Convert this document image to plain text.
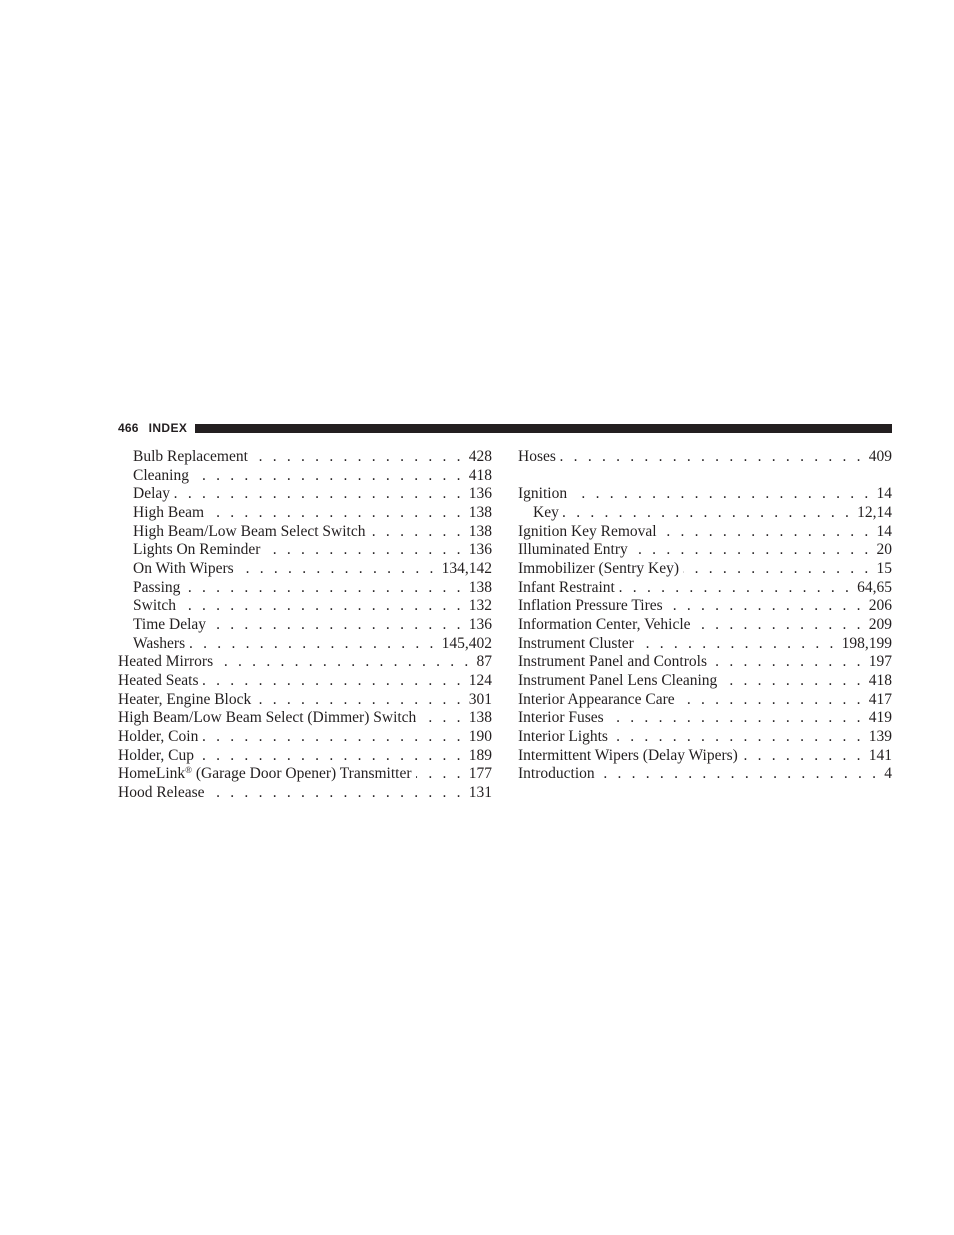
466 INDEX
Bulb Replacement . . .	428
Cleaning . . .	418
Delay . . .	136
High Beam . . .	138
High Beam/Low Beam Select Switch . . .	138
Lights On Reminder . . .	136
On With Wipers . . .	134,142
Passing . . .	138
Switch . . .	132
Time Delay . . .	136
Washers . . .	145,402
Heated Mirrors . . .	87
Heated Seats . . .	124
Heater, Engine Block . . .	301
High Beam/Low Beam Select (Dimmer) Switch . . .	138
Holder, Coin . . .	190
Holder, Cup . . .	189
HomeLink® (Garage Door Opener) Transmitter . . .	177
Hood Release . . .	131
Hoses . . .	409
Ignition . . .	14
Key . . .	12,14
Ignition Key Removal . . .	14
Illuminated Entry . . .	20
Immobilizer (Sentry Key) . . .	15
Infant Restraint . . .	64,65
Inflation Pressure Tires . . .	206
Information Center, Vehicle . . .	209
Instrument Cluster . . .	198,199
Instrument Panel and Controls . . .	197
Instrument Panel Lens Cleaning . . .	418
Interior Appearance Care . . .	417
Interior Fuses . . .	419
Interior Lights . . .	139
Intermittent Wipers (Delay Wipers) . . .	141
Introduction . . .	4
